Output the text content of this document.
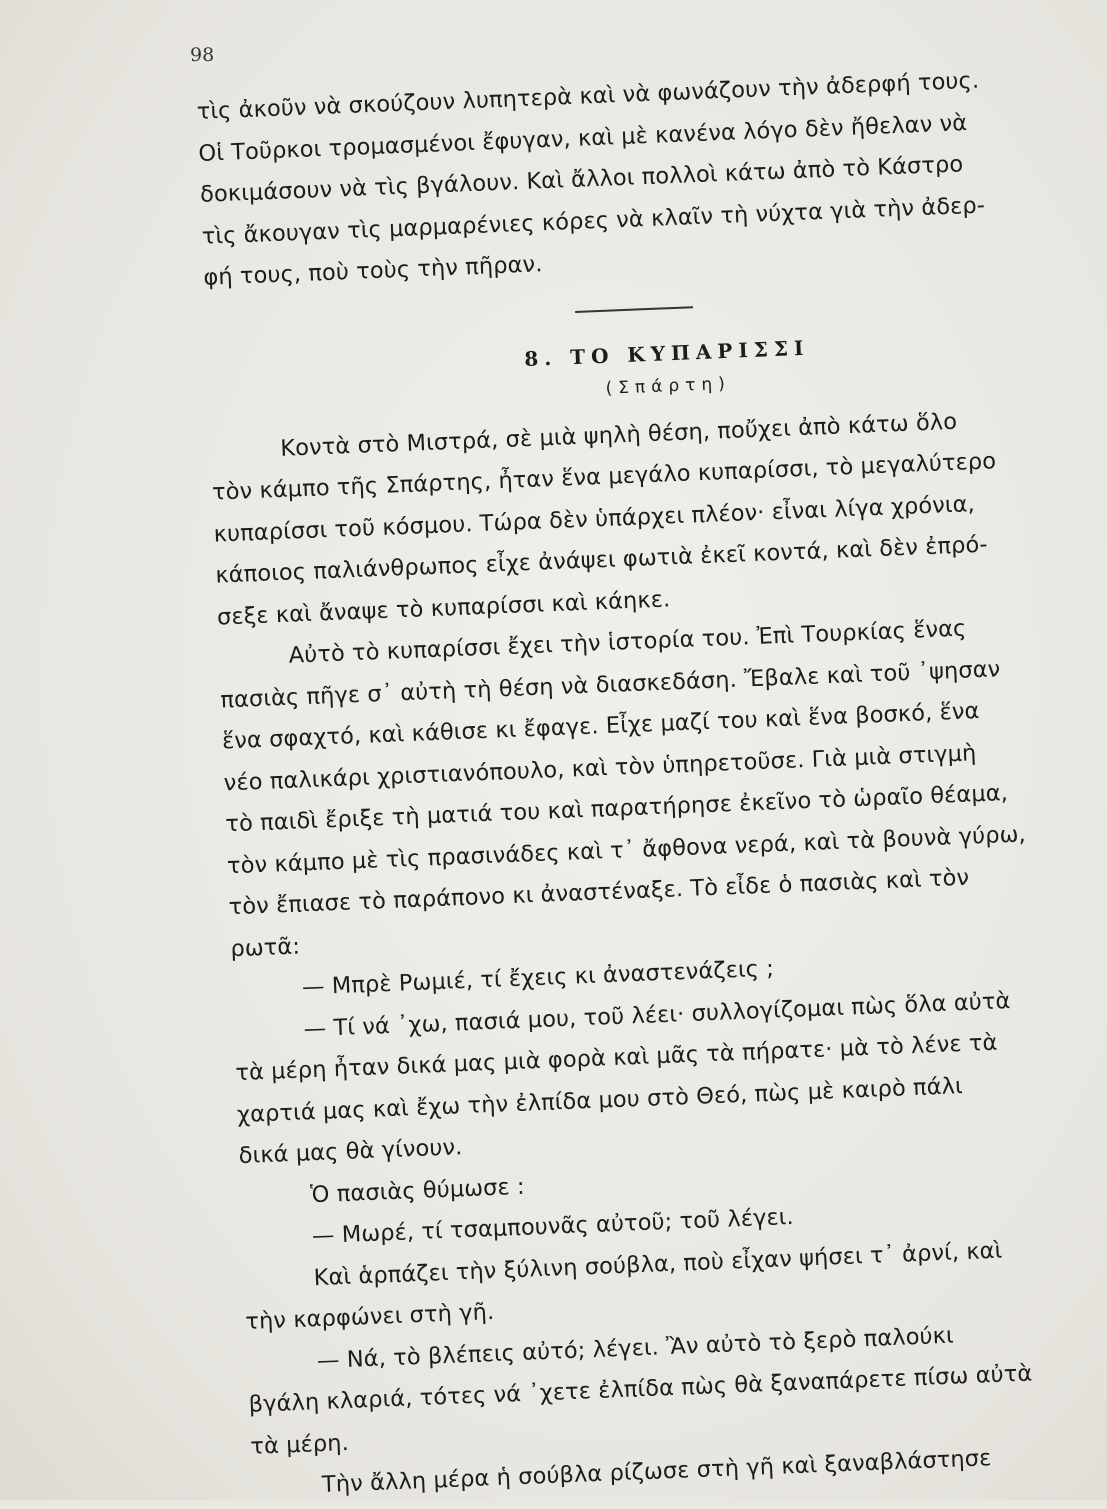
98
τὶς ἀκοῦν νὰ σκούζουν λυπητερὰ καὶ νὰ φωνάζουν τὴν ἀδερφή τους.
Οἱ Τοῦρκοι τρομασμένοι ἔφυγαν, καὶ μὲ κανένα λόγο δὲν ἤθελαν νὰ
δοκιμάσουν νὰ τὶς βγάλουν. Καὶ ἄλλοι πολλοὶ κάτω ἀπὸ τὸ Κάστρο
τὶς ἄκουγαν τὶς μαρμαρένιες κόρες νὰ κλαῖν τὴ νύχτα γιὰ τὴν ἀδερ-
φή τους, ποὺ τοὺς τὴν πῆραν.
8. ΤΟ ΚΥΠΑΡΙΣΣΙ
(Σπάρτη)
Κοντὰ στὸ Μιστρά, σὲ μιὰ ψηλὴ θέση, ποὔχει ἀπὸ κάτω ὅλο
τὸν κάμπο τῆς Σπάρτης, ἦταν ἕνα μεγάλο κυπαρίσσι, τὸ μεγαλύτερο
κυπαρίσσι τοῦ κόσμου. Τώρα δὲν ὑπάρχει πλέον· εἶναι λίγα χρόνια,
κάποιος παλιάνθρωπος εἶχε ἀνάψει φωτιὰ ἐκεῖ κοντά, καὶ δὲν ἐπρό-
σεξε καὶ ἄναψε τὸ κυπαρίσσι καὶ κάηκε.
Αὐτὸ τὸ κυπαρίσσι ἔχει τὴν ἱστορία του. Ἐπὶ Τουρκίας ἕνας
πασιὰς πῆγε σ᾿ αὐτὴ τὴ θέση νὰ διασκεδάση. Ἔβαλε καὶ τοῦ ᾿ψησαν
ἕνα σφαχτό, καὶ κάθισε κι ἔφαγε. Εἶχε μαζί του καὶ ἕνα βοσκό, ἕνα
νέο παλικάρι χριστιανόπουλο, καὶ τὸν ὑπηρετοῦσε. Γιὰ μιὰ στιγμὴ
τὸ παιδὶ ἔριξε τὴ ματιά του καὶ παρατήρησε ἐκεῖνο τὸ ὡραῖο θέαμα,
τὸν κάμπο μὲ τὶς πρασινάδες καὶ τ᾿ ἄφθονα νερά, καὶ τὰ βουνὰ γύρω,
τὸν ἔπιασε τὸ παράπονο κι ἀναστέναξε. Τὸ εἶδε ὁ πασιὰς καὶ τὸν
ρωτᾶ:
— Μπρὲ Ρωμιέ, τί ἔχεις κι ἀναστενάζεις ;
— Τί νά ᾿χω, πασιά μου, τοῦ λέει· συλλογίζομαι πὼς ὅλα αὐτὰ
τὰ μέρη ἦταν δικά μας μιὰ φορὰ καὶ μᾶς τὰ πήρατε· μὰ τὸ λένε τὰ
χαρτιά μας καὶ ἔχω τὴν ἐλπίδα μου στὸ Θεό, πὼς μὲ καιρὸ πάλι
δικά μας θὰ γίνουν.
Ὁ πασιὰς θύμωσε :
— Μωρέ, τί τσαμπουνᾶς αὐτοῦ; τοῦ λέγει.
Καὶ ἁρπάζει τὴν ξύλινη σούβλα, ποὺ εἶχαν ψήσει τ᾿ ἀρνί, καὶ
τὴν καρφώνει στὴ γῆ.
— Νά, τὸ βλέπεις αὐτό; λέγει. Ἂν αὐτὸ τὸ ξερὸ παλούκι
βγάλη κλαριά, τότες νά ᾿χετε ἐλπίδα πὼς θὰ ξαναπάρετε πίσω αὐτὰ
τὰ μέρη.
Τὴν ἄλλη μέρα ἡ σούβλα ρίζωσε στὴ γῆ καὶ ξαναβλάστησε
